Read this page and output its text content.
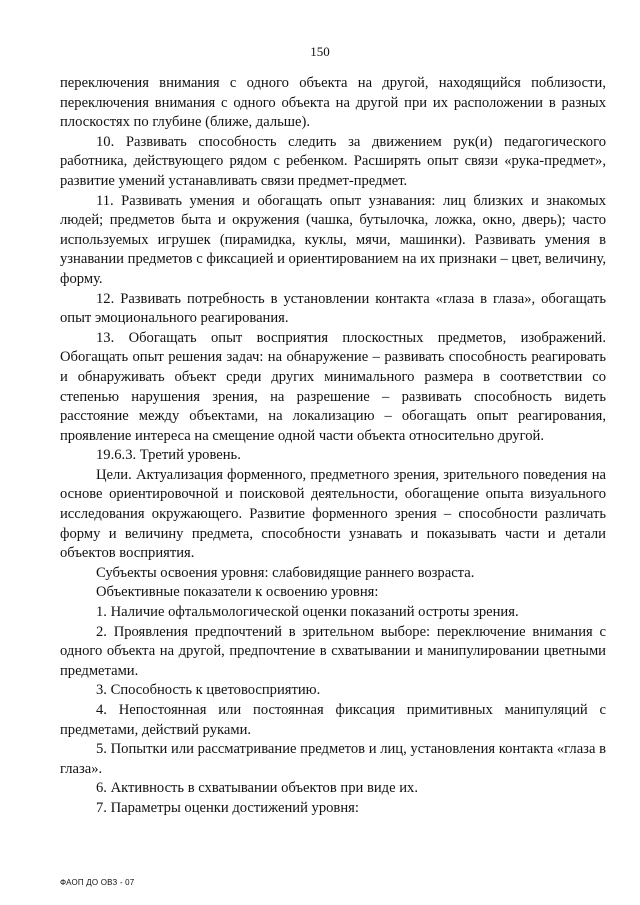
150

переключения внимания с одного объекта на другой, находящийся поблизости, переключения внимания с одного объекта на другой при их расположении в разных плоскостях по глубине (ближе, дальше).

10. Развивать способность следить за движением рук(и) педагогического работника, действующего рядом с ребенком. Расширять опыт связи «рука-предмет», развитие умений устанавливать связи предмет-предмет.

11. Развивать умения и обогащать опыт узнавания: лиц близких и знакомых людей; предметов быта и окружения (чашка, бутылочка, ложка, окно, дверь); часто используемых игрушек (пирамидка, куклы, мячи, машинки). Развивать умения в узнавании предметов с фиксацией и ориентированием на их признаки – цвет, величину, форму.

12. Развивать потребность в установлении контакта «глаза в глаза», обогащать опыт эмоционального реагирования.

13. Обогащать опыт восприятия плоскостных предметов, изображений. Обогащать опыт решения задач: на обнаружение – развивать способность реагировать и обнаруживать объект среди других минимального размера в соответствии со степенью нарушения зрения, на разрешение – развивать способность видеть расстояние между объектами, на локализацию – обогащать опыт реагирования, проявление интереса на смещение одной части объекта относительно другой.

19.6.3. Третий уровень.

Цели. Актуализация форменного, предметного зрения, зрительного поведения на основе ориентировочной и поисковой деятельности, обогащение опыта визуального исследования окружающего. Развитие форменного зрения – способности различать форму и величину предмета, способности узнавать и показывать части и детали объектов восприятия.

Субъекты освоения уровня: слабовидящие раннего возраста.

Объективные показатели к освоению уровня:

1. Наличие офтальмологической оценки показаний остроты зрения.

2. Проявления предпочтений в зрительном выборе: переключение внимания с одного объекта на другой, предпочтение в схватывании и манипулировании цветными предметами.

3. Способность к цветовосприятию.

4. Непостоянная или постоянная фиксация примитивных манипуляций с предметами, действий руками.

5. Попытки или рассматривание предметов и лиц, установления контакта «глаза в глаза».

6. Активность в схватывании объектов при виде их.

7. Параметры оценки достижений уровня:

ФАОП ДО ОВЗ - 07
